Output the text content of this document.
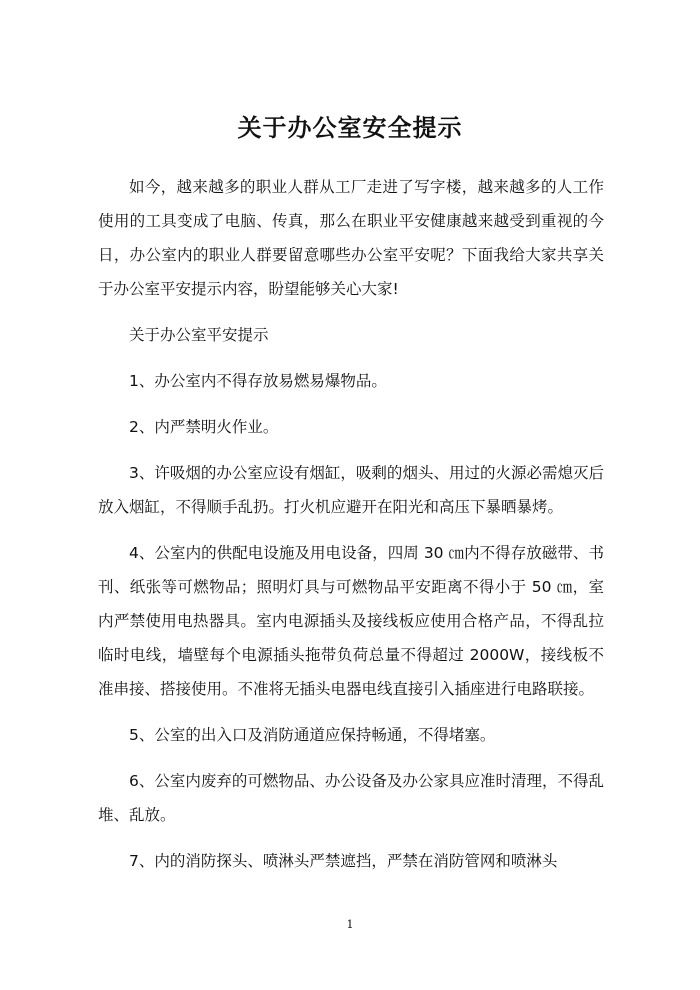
关于办公室安全提示

如今，越来越多的职业人群从工厂走进了写字楼，越来越多的人工作使用的工具变成了电脑、传真，那么在职业平安健康越来越受到重视的今日，办公室内的职业人群要留意哪些办公室平安呢？下面我给大家共享关于办公室平安提示内容，盼望能够关心大家!

关于办公室平安提示

1、办公室内不得存放易燃易爆物品。

2、内严禁明火作业。

3、许吸烟的办公室应设有烟缸，吸剩的烟头、用过的火源必需熄灭后放入烟缸，不得顺手乱扔。打火机应避开在阳光和高压下暴晒暴烤。

4、公室内的供配电设施及用电设备，四周 30 ㎝内不得存放磁带、书刊、纸张等可燃物品；照明灯具与可燃物品平安距离不得小于 50 ㎝，室内严禁使用电热器具。室内电源插头及接线板应使用合格产品，不得乱拉临时电线，墙壁每个电源插头拖带负荷总量不得超过 2000W，接线板不准串接、搭接使用。不准将无插头电器电线直接引入插座进行电路联接。

5、公室的出入口及消防通道应保持畅通，不得堵塞。

6、公室内废弃的可燃物品、办公设备及办公家具应准时清理，不得乱堆、乱放。

7、内的消防探头、喷淋头严禁遮挡，严禁在消防管网和喷淋头

1
